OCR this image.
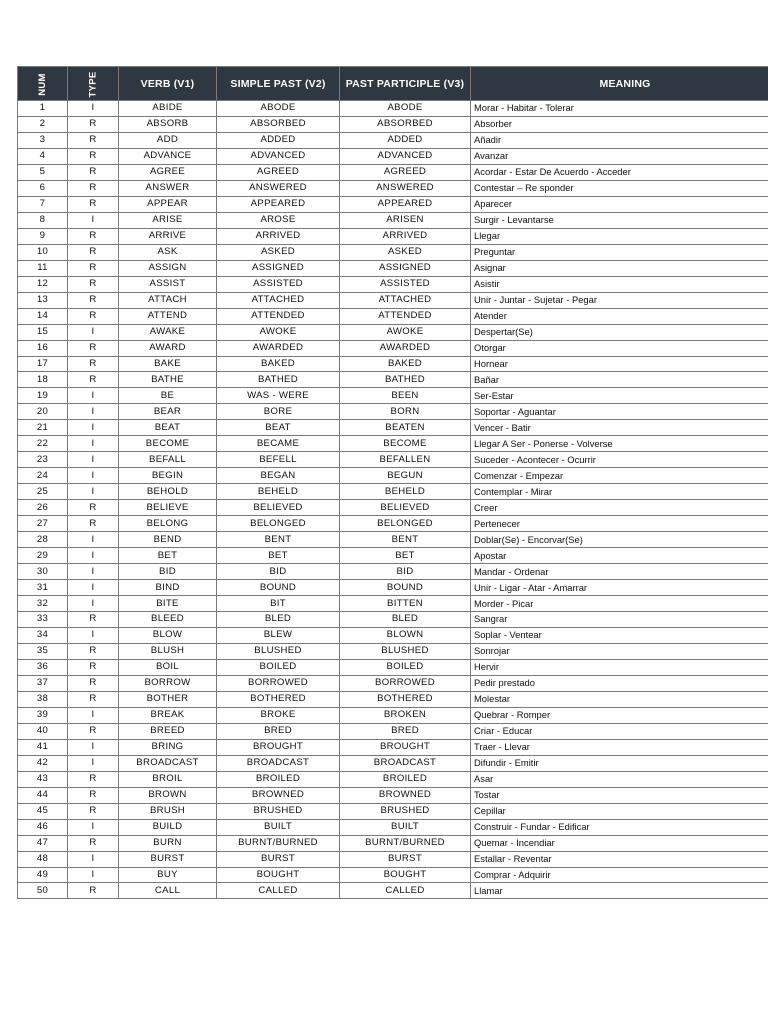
NUM	TYPE	VERB (V1)	SIMPLE PAST (V2)	PAST PARTICIPLE (V3)	MEANING
1	I	ABIDE	ABODE	ABODE	Morar - Habitar - Tolerar
2	R	ABSORB	ABSORBED	ABSORBED	Absorber
3	R	ADD	ADDED	ADDED	Añadir
4	R	ADVANCE	ADVANCED	ADVANCED	Avanzar
5	R	AGREE	AGREED	AGREED	Acordar - Estar De Acuerdo - Acceder
6	R	ANSWER	ANSWERED	ANSWERED	Contestar – Re sponder
7	R	APPEAR	APPEARED	APPEARED	Aparecer
8	I	ARISE	AROSE	ARISEN	Surgir - Levantarse
9	R	ARRIVE	ARRIVED	ARRIVED	Llegar
10	R	ASK	ASKED	ASKED	Preguntar
11	R	ASSIGN	ASSIGNED	ASSIGNED	Asignar
12	R	ASSIST	ASSISTED	ASSISTED	Asistir
13	R	ATTACH	ATTACHED	ATTACHED	Unir - Juntar - Sujetar - Pegar
14	R	ATTEND	ATTENDED	ATTENDED	Atender
15	I	AWAKE	AWOKE	AWOKE	Despertar(Se)
16	R	AWARD	AWARDED	AWARDED	Otorgar
17	R	BAKE	BAKED	BAKED	Hornear
18	R	BATHE	BATHED	BATHED	Bañar
19	I	BE	WAS - WERE	BEEN	Ser-Estar
20	I	BEAR	BORE	BORN	Soportar - Aguantar
21	I	BEAT	BEAT	BEATEN	Vencer - Batir
22	I	BECOME	BECAME	BECOME	Llegar A Ser - Ponerse - Volverse
23	I	BEFALL	BEFELL	BEFALLEN	Suceder - Acontecer - Ocurrir
24	I	BEGIN	BEGAN	BEGUN	Comenzar - Empezar
25	I	BEHOLD	BEHELD	BEHELD	Contemplar - Mirar
26	R	BELIEVE	BELIEVED	BELIEVED	Creer
27	R	BELONG	BELONGED	BELONGED	Pertenecer
28	I	BEND	BENT	BENT	Doblar(Se) - Encorvar(Se)
29	I	BET	BET	BET	Apostar
30	I	BID	BID	BID	Mandar - Ordenar
31	I	BIND	BOUND	BOUND	Unir - Ligar - Atar - Amarrar
32	I	BITE	BIT	BITTEN	Morder - Picar
33	R	BLEED	BLED	BLED	Sangrar
34	I	BLOW	BLEW	BLOWN	Soplar - Ventear
35	R	BLUSH	BLUSHED	BLUSHED	Sonrojar
36	R	BOIL	BOILED	BOILED	Hervir
37	R	BORROW	BORROWED	BORROWED	Pedir prestado
38	R	BOTHER	BOTHERED	BOTHERED	Molestar
39	I	BREAK	BROKE	BROKEN	Quebrar - Romper
40	R	BREED	BRED	BRED	Criar - Educar
41	I	BRING	BROUGHT	BROUGHT	Traer - Llevar
42	I	BROADCAST	BROADCAST	BROADCAST	Difundir - Emitir
43	R	BROIL	BROILED	BROILED	Asar
44	R	BROWN	BROWNED	BROWNED	Tostar
45	R	BRUSH	BRUSHED	BRUSHED	Cepillar
46	I	BUILD	BUILT	BUILT	Construir - Fundar - Edificar
47	R	BURN	BURNT/BURNED	BURNT/BURNED	Quemar - Incendiar
48	I	BURST	BURST	BURST	Estallar - Reventar
49	I	BUY	BOUGHT	BOUGHT	Comprar - Adquirir
50	R	CALL	CALLED	CALLED	Llamar
